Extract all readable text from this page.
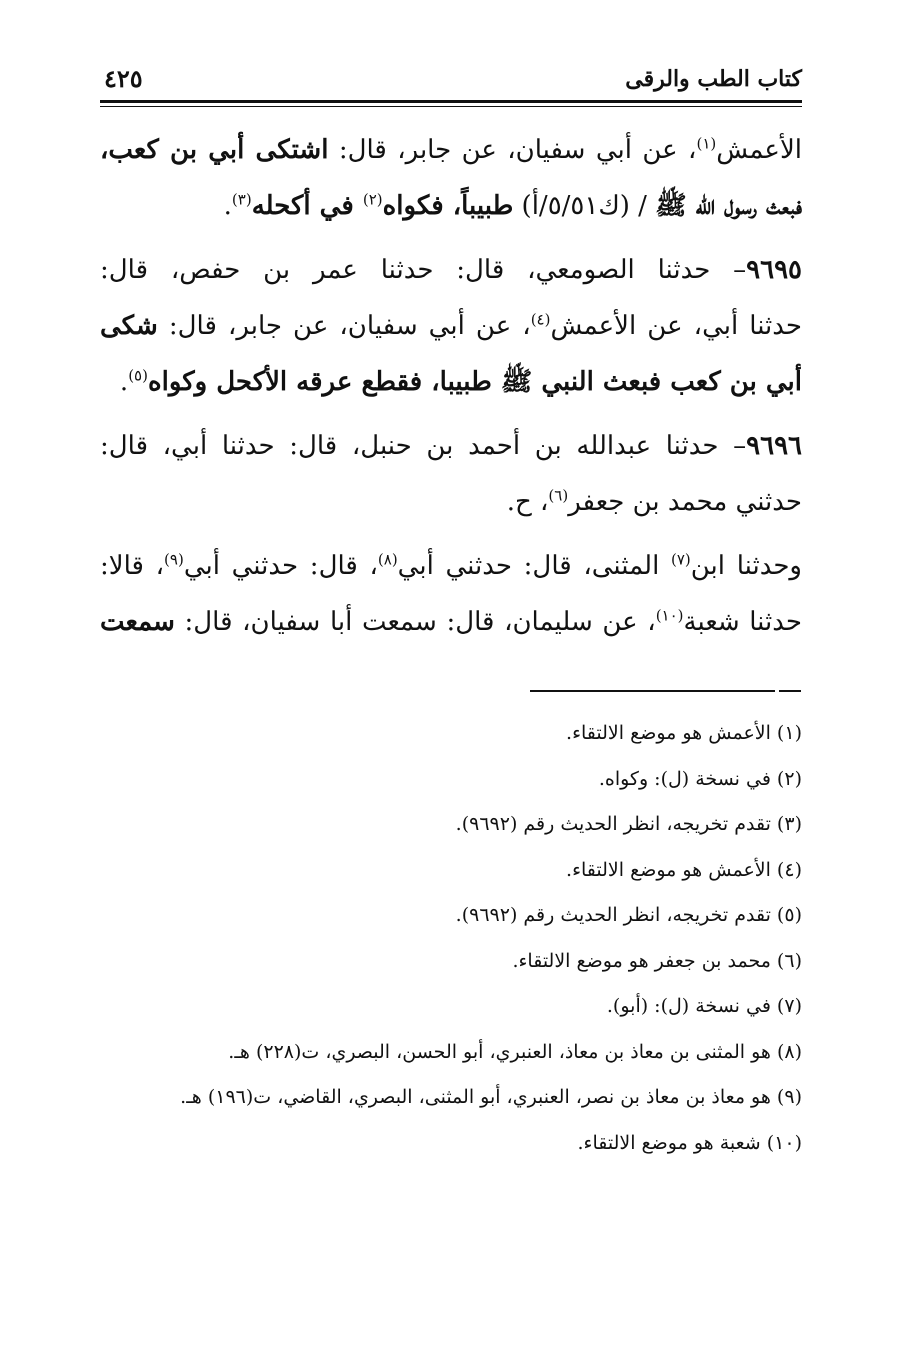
كتاب الطب والرقى
٤٢٥
الأعمش$^{(١)}$، عن أبي سفيان، عن جابر، قال: اشتكى أبي بن كعب،
فبعث رسول الله ﷺ / (ك٥/٥١/أ) طبيباً، فكواه$^{(٢)}$ في أكحله$^{(٣)}$.
٩٦٩٥– حدثنا الصومعي، قال: حدثنا عمر بن حفص، قال:
حدثنا أبي، عن الأعمش$^{(٤)}$، عن أبي سفيان، عن جابر، قال: شكى
أبي بن كعب فبعث النبي ﷺ طبيبا، فقطع عرقه الأكحل وكواه$^{(٥)}$.
٩٦٩٦– حدثنا عبدالله بن أحمد بن حنبل، قال: حدثنا أبي، قال:
حدثني محمد بن جعفر$^{(٦)}$، ح.
وحدثنا ابن$^{(٧)}$ المثنى، قال: حدثني أبي$^{(٨)}$، قال: حدثني أبي$^{(٩)}$، قالا:
حدثنا شعبة$^{(١٠)}$، عن سليمان، قال: سمعت أبا سفيان، قال: سمعت
(١) الأعمش هو موضع الالتقاء.
(٢) في نسخة (ل): وكواه.
(٣) تقدم تخريجه، انظر الحديث رقم (٩٦٩٢).
(٤) الأعمش هو موضع الالتقاء.
(٥) تقدم تخريجه، انظر الحديث رقم (٩٦٩٢).
(٦) محمد بن جعفر هو موضع الالتقاء.
(٧) في نسخة (ل): (أبو).
(٨) هو المثنى بن معاذ بن معاذ، العنبري، أبو الحسن، البصري، ت(٢٢٨) هـ.
(٩) هو معاذ بن معاذ بن نصر، العنبري، أبو المثنى، البصري، القاضي، ت(١٩٦) هـ.
(١٠) شعبة هو موضع الالتقاء.
